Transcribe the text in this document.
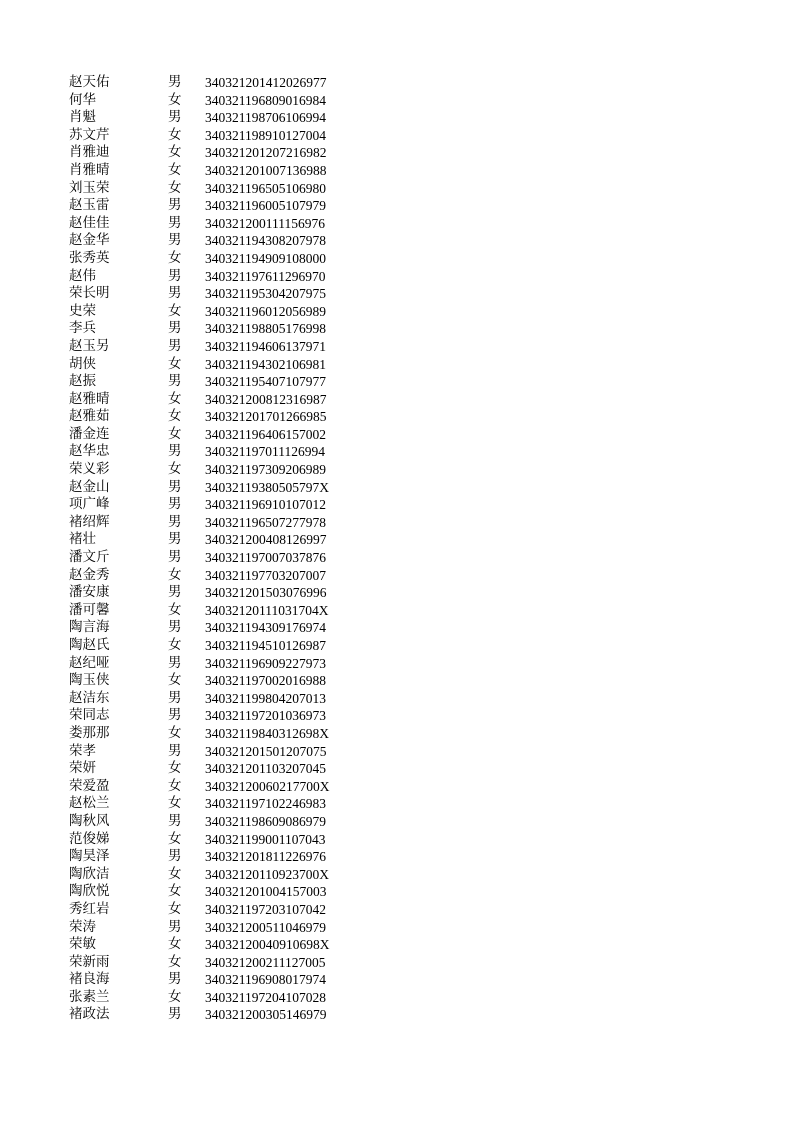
赵天佑	男 340321201412026977
何华	女 340321196809016984
肖魁	男 340321198706106994
苏文芹	女 340321198910127004
肖雅迪	女 340321201207216982
肖雅晴	女 340321201007136988
刘玉荣	女 340321196505106980
赵玉雷	男 340321196005107979
赵佳佳	男 340321200111156976
赵金华	男 340321194308207978
张秀英	女 340321194909108000
赵伟	男 340321197611296970
荣长明	男 340321195304207975
史荣	女 340321196012056989
李兵	男 340321198805176998
赵玉另	男 340321194606137971
胡侠	女 340321194302106981
赵振	男 340321195407107977
赵雅晴	女 340321200812316987
赵雅茹	女 340321201701266985
潘金连	女 340321196406157002
赵华忠	男 340321197011126994
荣义彩	女 340321197309206989
赵金山	男 34032119380505797X
项广峰	男 340321196910107012
褚绍辉	男 340321196507277978
褚壮	男 340321200408126997
潘文斤	男 340321197007037876
赵金秀	女 340321197703207007
潘安康	男 340321201503076996
潘可馨	女 34032120111031704X
陶言海	男 340321194309176974
陶赵氏	女 340321194510126987
赵纪哑	男 340321196909227973
陶玉侠	女 340321197002016988
赵洁东	男 340321199804207013
荣同志	男 340321197201036973
娄那那	女 34032119840312698X
荣孝	男 340321201501207075
荣妍	女 340321201103207045
荣爱盈	女 34032120060217700X
赵松兰	女 340321197102246983
陶秋风	男 340321198609086979
范俊娣	女 340321199001107043
陶昊泽	男 340321201811226976
陶欣洁	女 34032120110923700X
陶欣悦	女 340321201004157003
秀红岩	女 340321197203107042
荣涛	男 340321200511046979
荣敏	女 34032120040910698X
荣新雨	女 340321200211127005
褚良海	男 340321196908017974
张素兰	女 340321197204107028
褚政法	男 340321200305146979
